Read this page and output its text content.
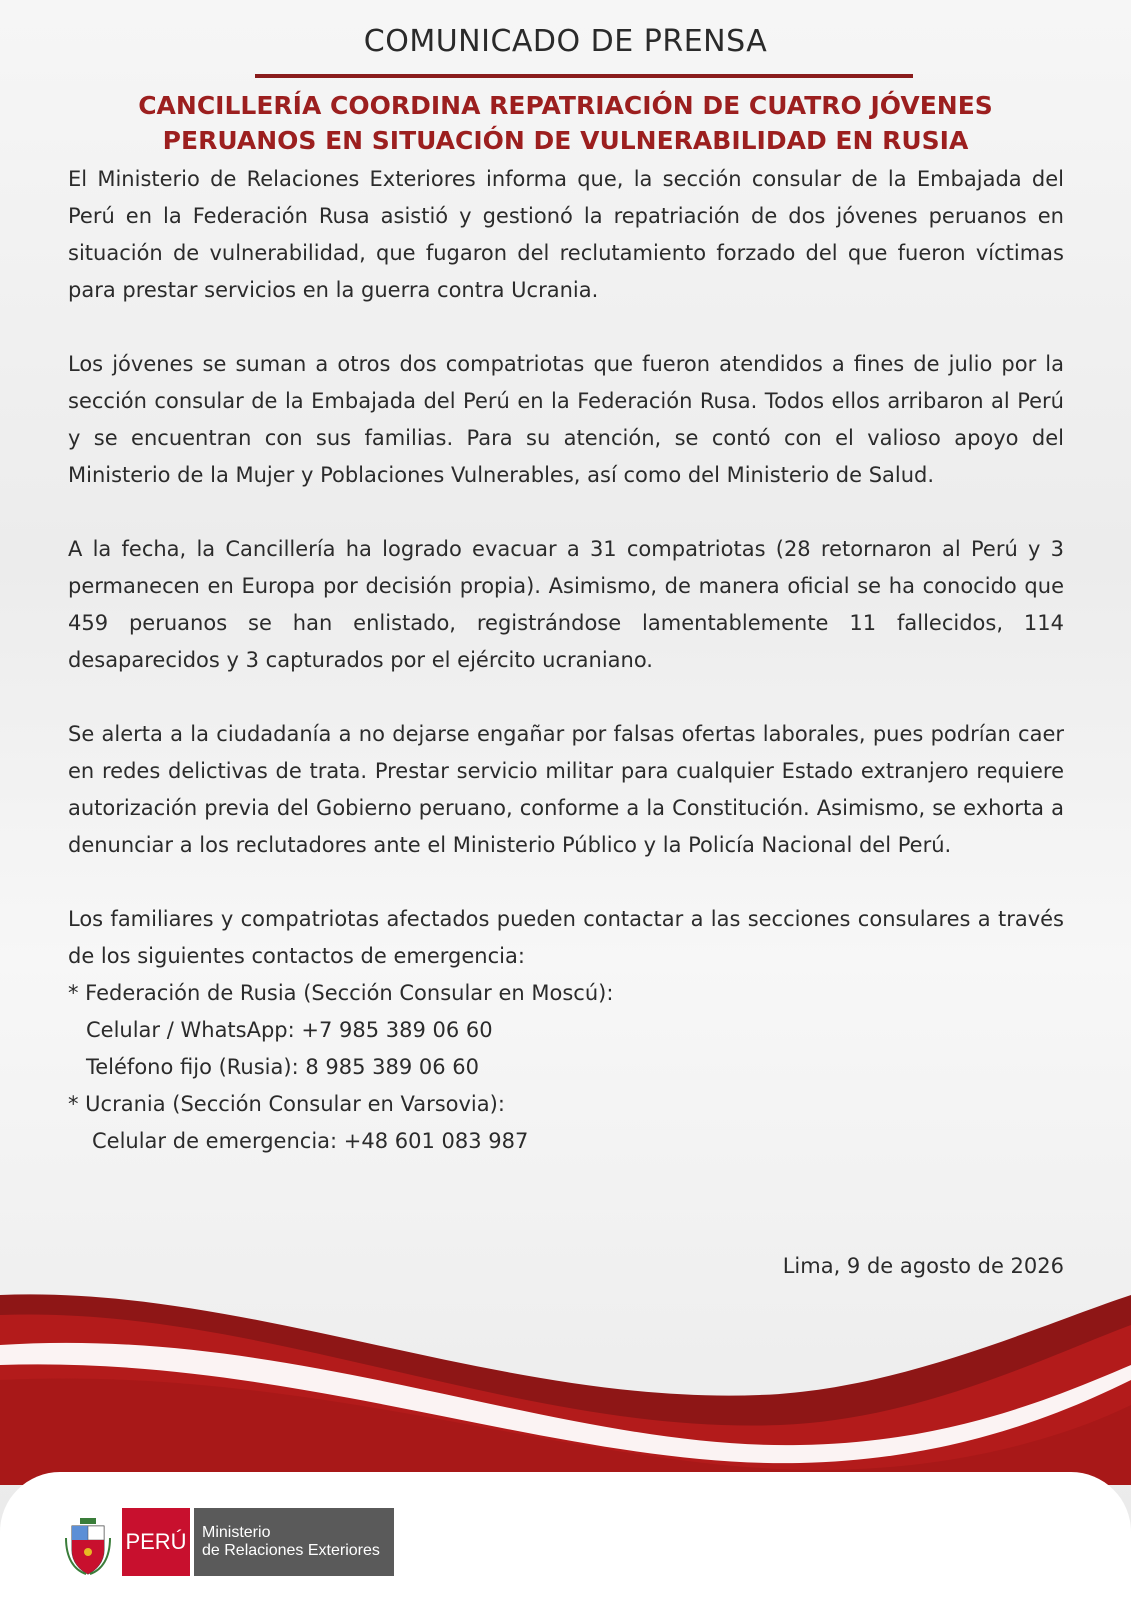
COMUNICADO DE PRENSA
CANCILLERÍA COORDINA REPATRIACIÓN DE CUATRO JÓVENES
PERUANOS EN SITUACIÓN DE VULNERABILIDAD EN RUSIA

El Ministerio de Relaciones Exteriores informa que, la sección consular de la Embajada del Perú en la Federación Rusa asistió y gestionó la repatriación de dos jóvenes peruanos en situación de vulnerabilidad, que fugaron del reclutamiento forzado del que fueron víctimas para prestar servicios en la guerra contra Ucrania.

Los jóvenes se suman a otros dos compatriotas que fueron atendidos a fines de julio por la sección consular de la Embajada del Perú en la Federación Rusa. Todos ellos arribaron al Perú y se encuentran con sus familias. Para su atención, se contó con el valioso apoyo del Ministerio de la Mujer y Poblaciones Vulnerables, así como del Ministerio de Salud.

A la fecha, la Cancillería ha logrado evacuar a 31 compatriotas (28 retornaron al Perú y 3 permanecen en Europa por decisión propia). Asimismo, de manera oficial se ha conocido que 459 peruanos se han enlistado, registrándose lamentablemente 11 fallecidos, 114 desaparecidos y 3 capturados por el ejército ucraniano.

Se alerta a la ciudadanía a no dejarse engañar por falsas ofertas laborales, pues podrían caer en redes delictivas de trata. Prestar servicio militar para cualquier Estado extranjero requiere autorización previa del Gobierno peruano, conforme a la Constitución. Asimismo, se exhorta a denunciar a los reclutadores ante el Ministerio Público y la Policía Nacional del Perú.

Los familiares y compatriotas afectados pueden contactar a las secciones consulares a través de los siguientes contactos de emergencia:

* Federación de Rusia (Sección Consular en Moscú):

Celular / WhatsApp: +7 985 389 06 60

Teléfono fijo (Rusia): 8 985 389 06 60

* Ucrania (Sección Consular en Varsovia):

Celular de emergencia: +48 601 083 987

Lima, 9 de agosto de 2026
PERÚ Ministerio
de Relaciones Exteriores
